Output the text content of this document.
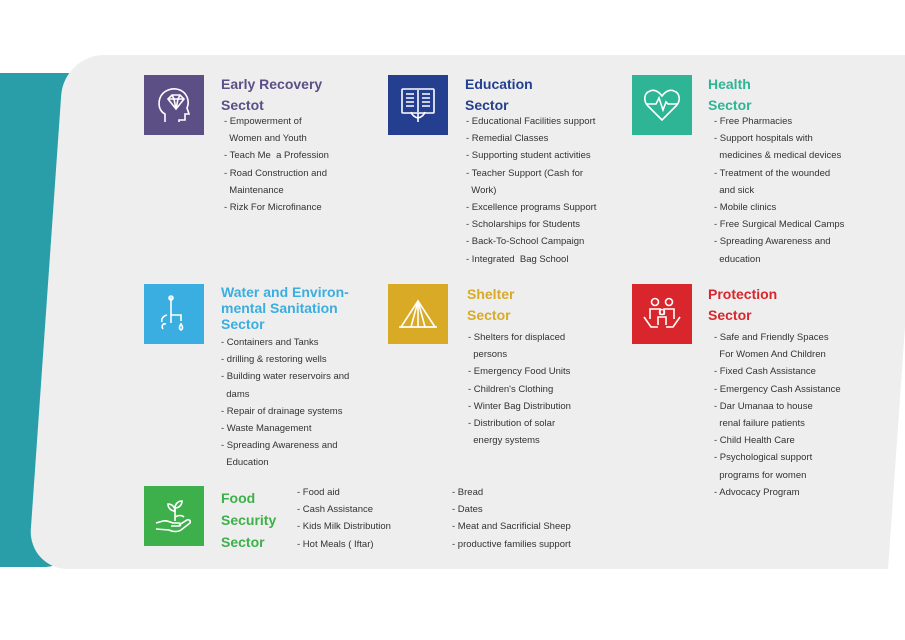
Early Recovery
Sectot
- Empowerment of
Women and Youth
- Teach Me  a Profession
- Road Construction and
Maintenance
- Rizk For Microfinance
Education
Sector
- Educational Facilities support
- Remedial Classes
- Supporting student activities
- Teacher Support (Cash for
Work)
- Excellence programs Support
- Scholarships for Students
- Back-To-School Campaign
- Integrated  Bag School
Health
Sector
- Free Pharmacies
- Support hospitals with
medicines & medical devices
- Treatment of the wounded
and sick
- Mobile clinics
- Free Surgical Medical Camps
- Spreading Awareness and
education
Water and Environ-
mental Sanitation
Sector
- Containers and Tanks
- drilling & restoring wells
- Building water reservoirs and
dams
- Repair of drainage systems
- Waste Management
- Spreading Awareness and
Education
Shelter
Sector
- Shelters for displaced
persons
- Emergency Food Units
- Children's Clothing
- Winter Bag Distribution
- Distribution of solar
energy systems
Protection
Sector
- Safe and Friendly Spaces
For Women And Children
- Fixed Cash Assistance
- Emergency Cash Assistance
- Dar Umanaa to house
renal failure patients
- Child Health Care
- Psychological support
programs for women
- Advocacy Program
Food
Security
Sector
- Food aid
- Cash Assistance
- Kids Milk Distribution
- Hot Meals ( Iftar)
- Bread
- Dates
- Meat and Sacrificial Sheep
- productive families support
